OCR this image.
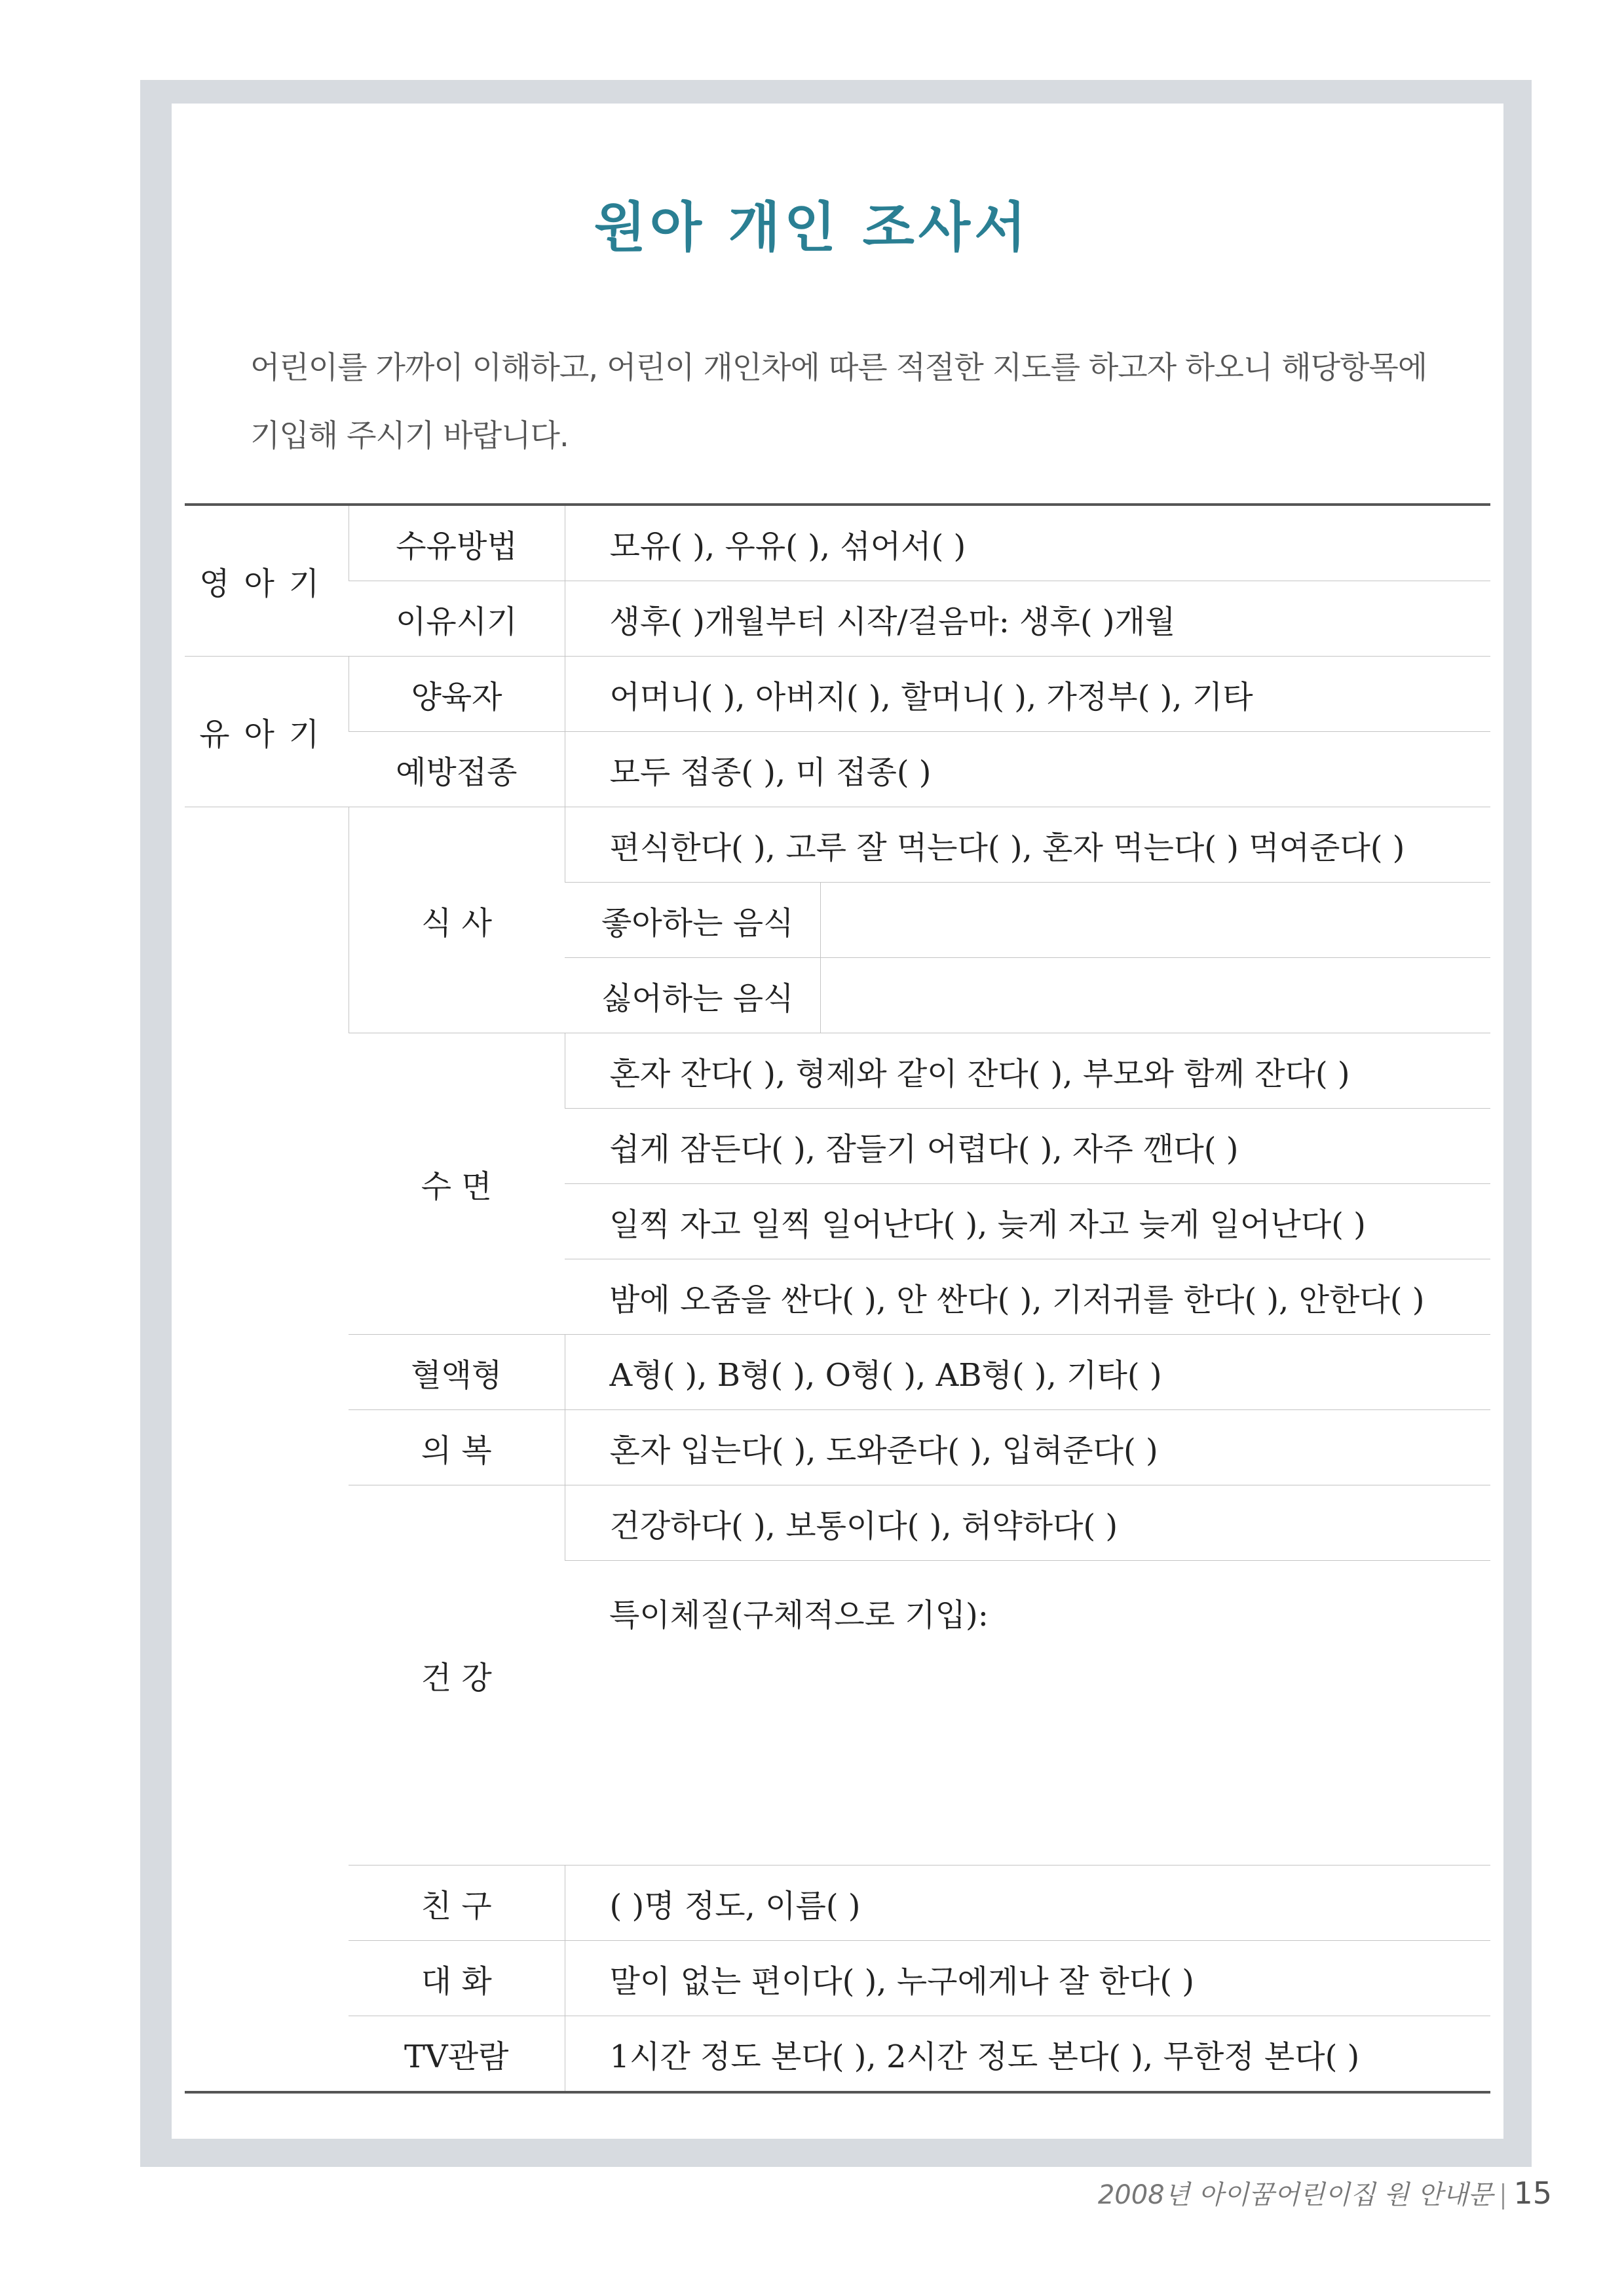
원아 개인 조사서
어린이를 가까이 이해하고, 어린이 개인차에 따른 적절한 지도를 하고자 하오니 해당항목에
기입해 주시기 바랍니다.
영아기	수유방법	모유( ), 우유( ), 섞어서( )	
	이유시기	생후( )개월부터 시작/걸음마: 생후( )개월	
유아기	양육자	어머니( ), 아버지( ), 할머니( ), 가정부( ), 기타	
	예방접종	모두 접종( ), 미 접종( )	
	식 사	편식한다( ), 고루 잘 먹는다( ), 혼자 먹는다( ) 먹여준다( )	
		좋아하는 음식	
		싫어하는 음식	
	수 면	혼자 잔다( ), 형제와 같이 잔다( ), 부모와 함께 잔다( )	
		쉽게 잠든다( ), 잠들기 어렵다( ), 자주 깬다( )	
		일찍 자고 일찍 일어난다( ), 늦게 자고 늦게 일어난다( )	
		밤에 오줌을 싼다( ), 안 싼다( ), 기저귀를 한다( ), 안한다( )	
	혈액형	A형( ), B형( ), O형( ), AB형( ), 기타( )	
	의 복	혼자 입는다( ), 도와준다( ), 입혀준다( )	
	건 강	건강하다( ), 보통이다( ), 허약하다( )	
		특이체질(구체적으로 기입):	
	친 구	( )명 정도, 이름( )	
	대 화	말이 없는 편이다( ), 누구에게나 잘 한다( )	
	TV관람	1시간 정도 본다( ), 2시간 정도 본다( ), 무한정 본다( )	
2008년 아이꿈어린이집 원 안내문 15
